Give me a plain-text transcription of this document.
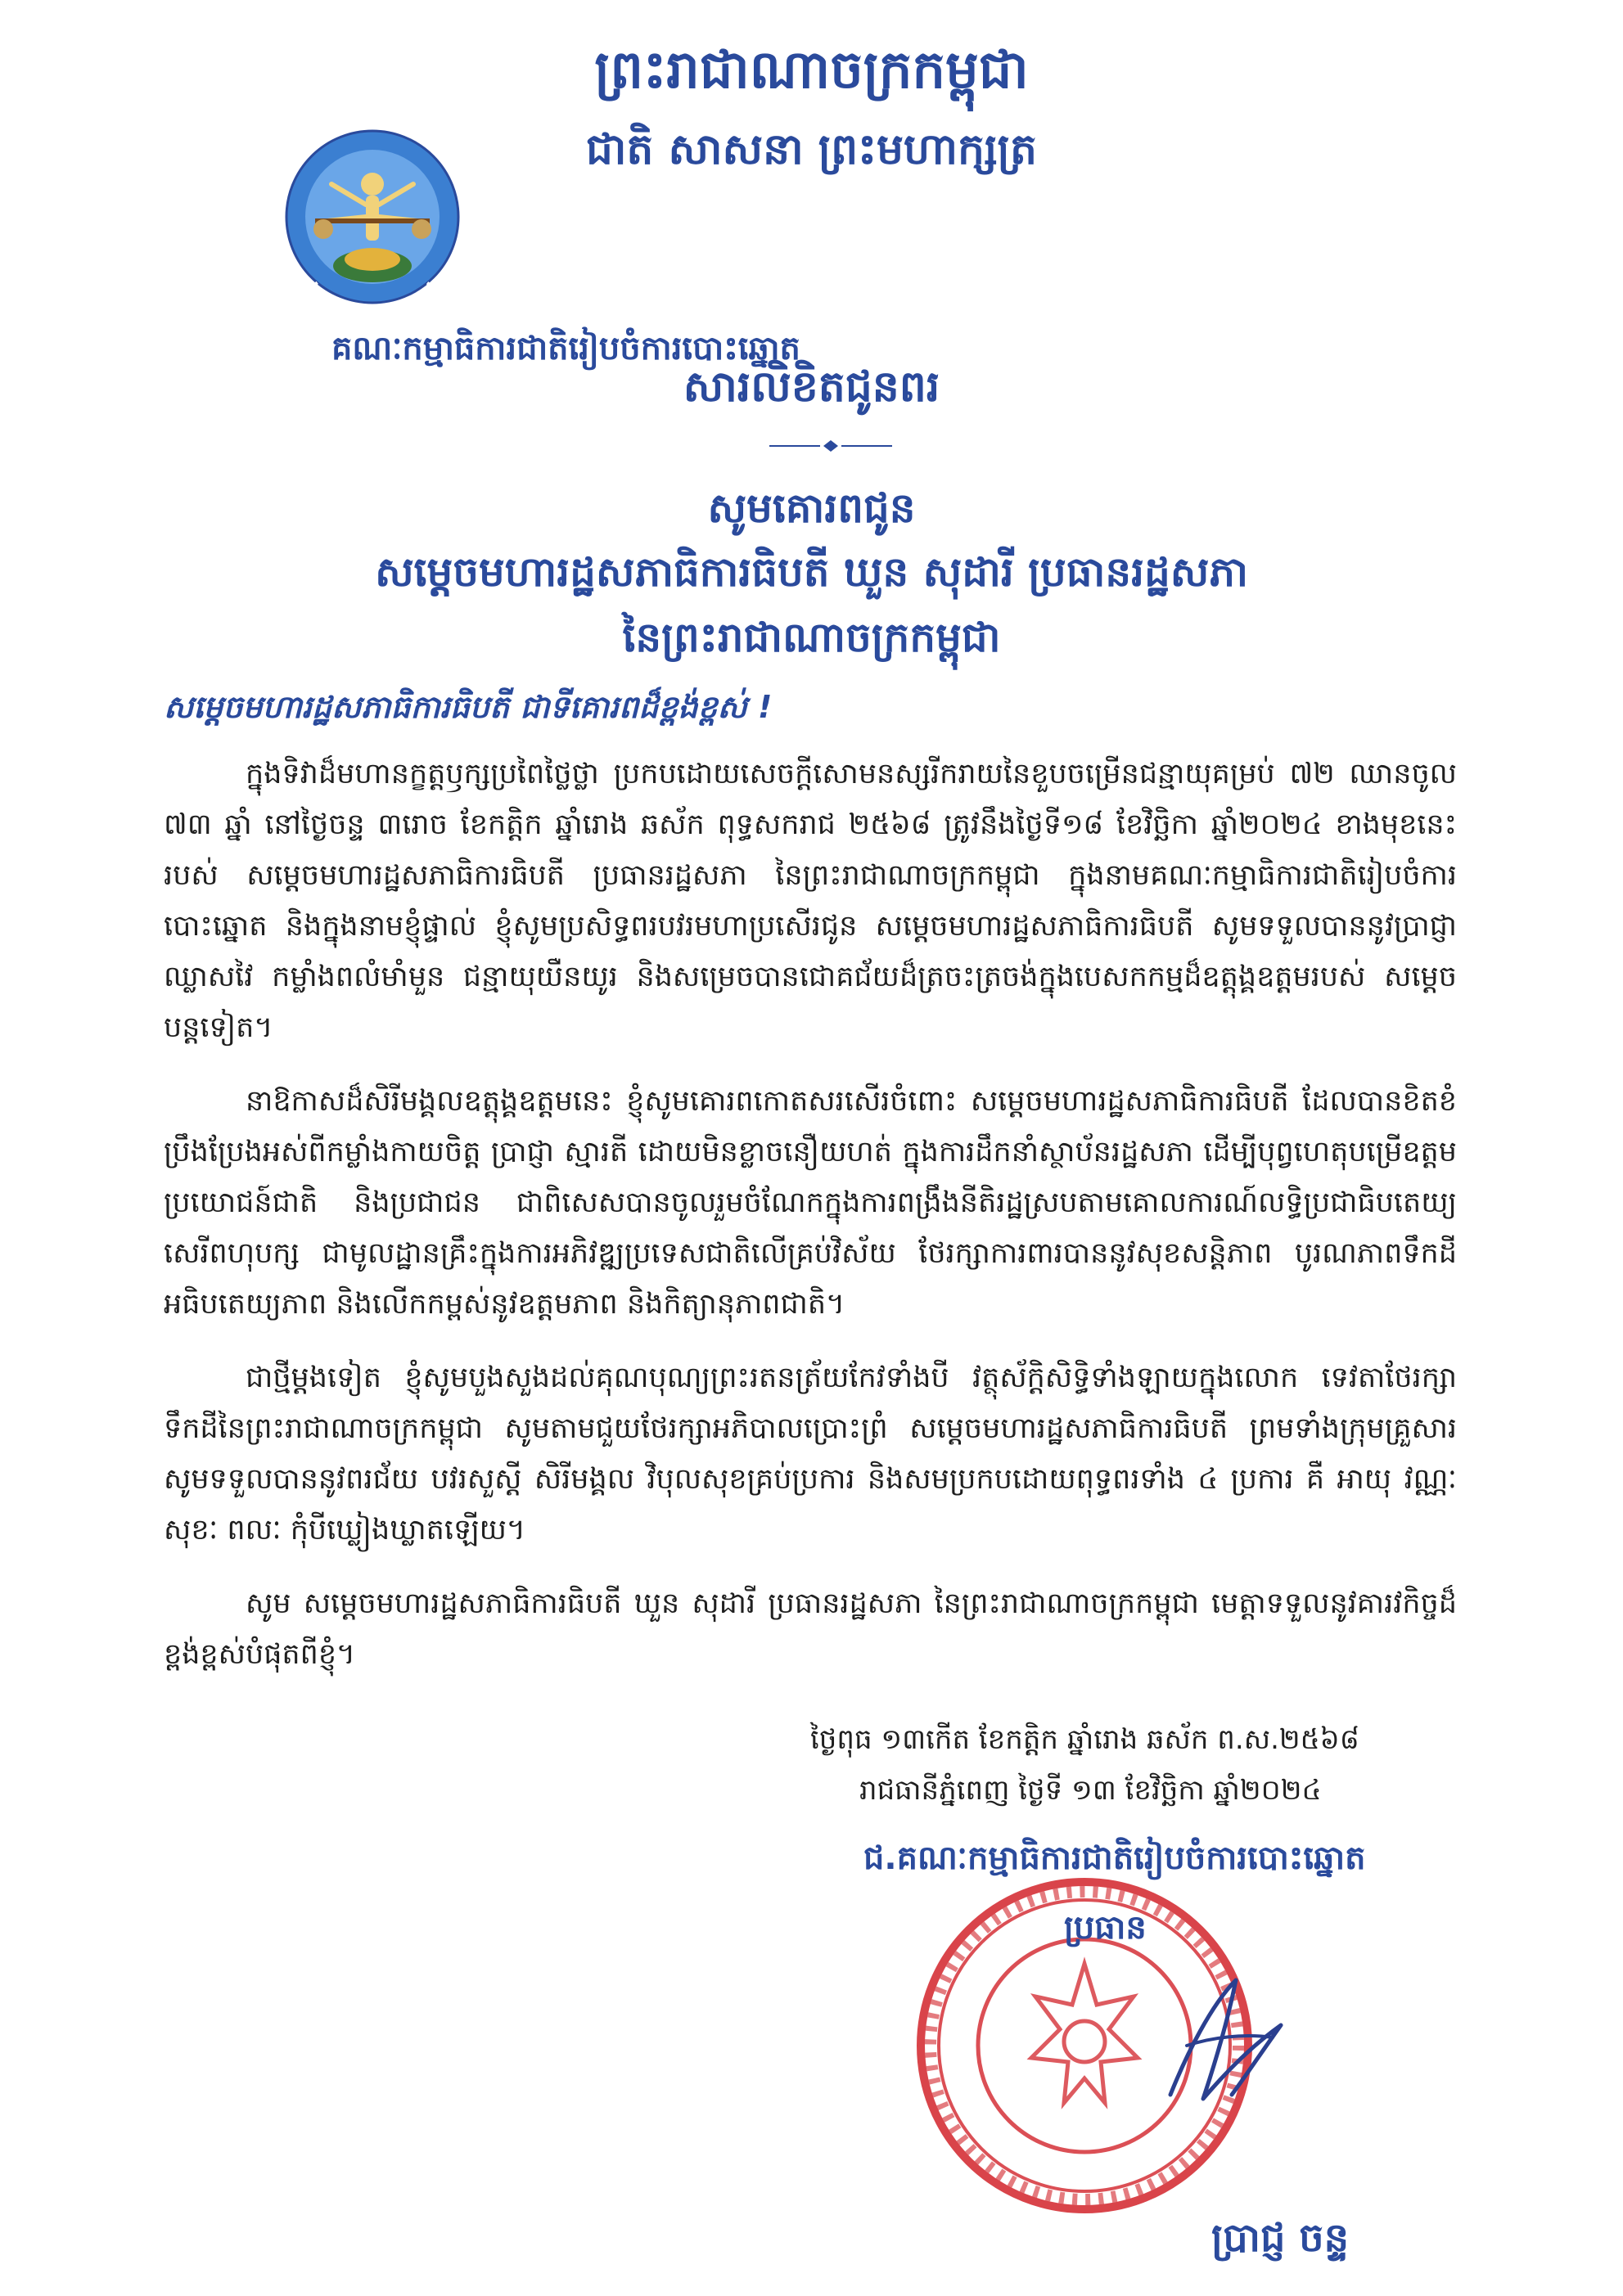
ព្រះរាជាណាចក្រកម្ពុជា
ជាតិ សាសនា ព្រះមហាក្សត្រ
គណៈកម្មាធិការជាតិរៀបចំការបោះឆ្នោត
សារលិខិតជូនពរ
សូមគោរពជូន
សម្តេចមហារដ្ឋសភាធិការធិបតី ឃួន សុដារី ប្រធានរដ្ឋសភា
នៃព្រះរាជាណាចក្រកម្ពុជា
សម្តេចមហារដ្ឋសភាធិការធិបតី ជាទីគោរពដ៏ខ្ពង់ខ្ពស់ !

ក្នុងទិវាដ៏មហានក្ខត្តឫក្សប្រពៃថ្លៃថ្លា ប្រកបដោយសេចក្តីសោមនស្សរីករាយនៃខួបចម្រើនជន្មាយុគម្រប់ ៧២ ឈានចូល ៧៣ ឆ្នាំ នៅថ្ងៃចន្ទ ៣រោច ខែកត្តិក ឆ្នាំរោង ឆស័ក ពុទ្ធសករាជ ២៥៦៨ ត្រូវនឹងថ្ងៃទី១៨ ខែវិច្ឆិកា ឆ្នាំ២០២៤ ខាងមុខនេះ របស់ សម្តេចមហារដ្ឋសភាធិការធិបតី ប្រធានរដ្ឋសភា នៃព្រះរាជាណាចក្រកម្ពុជា ក្នុងនាមគណៈកម្មាធិការជាតិរៀបចំការបោះឆ្នោត និងក្នុងនាមខ្ញុំផ្ទាល់ ខ្ញុំសូមប្រសិទ្ធពរបវរមហាប្រសើរជូន សម្តេចមហារដ្ឋសភាធិការធិបតី សូមទទួលបាននូវប្រាជ្ញាឈ្លាសវៃ កម្លាំងពលំមាំមួន ជន្មាយុយឺនយូរ និងសម្រេចបានជោគជ័យដ៏ត្រចះត្រចង់ក្នុងបេសកកម្មដ៏ឧត្តុង្គឧត្តមរបស់ សម្តេច បន្តទៀត។

នាឱកាសដ៏សិរីមង្គលឧត្តុង្គឧត្តមនេះ ខ្ញុំសូមគោរពកោតសរសើរចំពោះ សម្តេចមហារដ្ឋសភាធិការធិបតី ដែលបានខិតខំប្រឹងប្រែងអស់ពីកម្លាំងកាយចិត្ត ប្រាជ្ញា ស្មារតី ដោយមិនខ្លាចនឿយហត់ ក្នុងការដឹកនាំស្ថាប័នរដ្ឋសភា ដើម្បីបុព្វហេតុបម្រើឧត្តមប្រយោជន៍ជាតិ និងប្រជាជន ជាពិសេសបានចូលរួមចំណែកក្នុងការពង្រឹងនីតិរដ្ឋស្របតាមគោលការណ៍លទ្ធិប្រជាធិបតេយ្យសេរីពហុបក្ស ជាមូលដ្ឋានគ្រឹះក្នុងការអភិវឌ្ឍប្រទេសជាតិលើគ្រប់វិស័យ ថែរក្សាការពារបាននូវសុខសន្តិភាព បូរណភាពទឹកដី អធិបតេយ្យភាព និងលើកកម្ពស់នូវឧត្តមភាព និងកិត្យានុភាពជាតិ។

ជាថ្មីម្តងទៀត ខ្ញុំសូមបួងសួងដល់គុណបុណ្យព្រះរតនត្រ័យកែវទាំងបី វត្ថុស័ក្តិសិទ្ធិទាំងឡាយក្នុងលោក ទេវតាថែរក្សាទឹកដីនៃព្រះរាជាណាចក្រកម្ពុជា សូមតាមជួយថែរក្សាអភិបាលប្រោះព្រំ សម្តេចមហារដ្ឋសភាធិការធិបតី ព្រមទាំងក្រុមគ្រួសារ សូមទទួលបាននូវពរជ័យ បវរសួស្តី សិរីមង្គល វិបុលសុខគ្រប់ប្រការ និងសមប្រកបដោយពុទ្ធពរទាំង ៤ ប្រការ គឺ អាយុ វណ្ណៈ សុខៈ ពលៈ កុំបីឃ្លៀងឃ្លាតឡើយ។

សូម សម្តេចមហារដ្ឋសភាធិការធិបតី ឃួន សុដារី ប្រធានរដ្ឋសភា នៃព្រះរាជាណាចក្រកម្ពុជា មេត្តាទទួលនូវគារវកិច្ចដ៏ខ្ពង់ខ្ពស់បំផុតពីខ្ញុំ។

ថ្ងៃពុធ ១៣កើត ខែកត្តិក ឆ្នាំរោង ឆស័ក ព.ស.២៥៦៨
រាជធានីភ្នំពេញ ថ្ងៃទី ១៣ ខែវិច្ឆិកា ឆ្នាំ២០២៤
ជ.គណៈកម្មាធិការជាតិរៀបចំការបោះឆ្នោត
ប្រធាន
ប្រាជ្ញ ចន្ទ
